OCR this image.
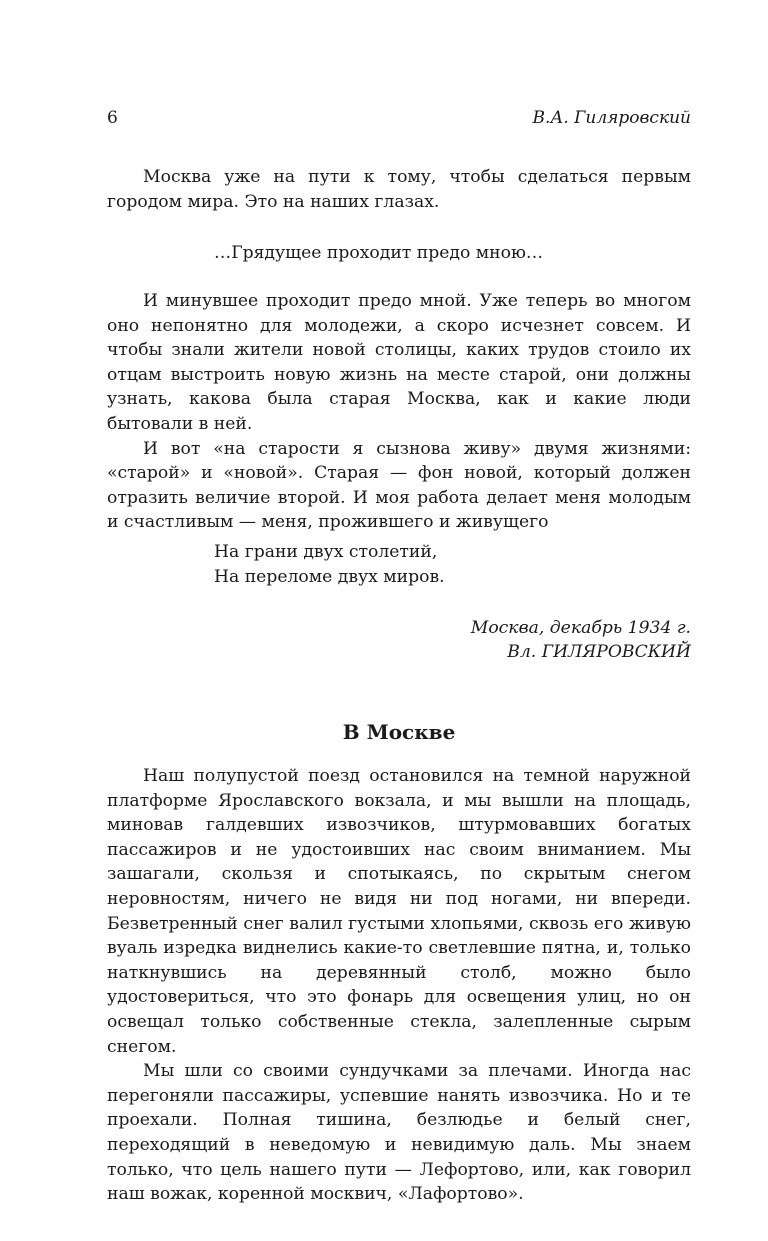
6	В.А. Гиляровский

Москва уже на пути к тому, чтобы сделаться первым городом мира. Это на наших глазах.

…Грядущее проходит предо мною…

И минувшее проходит предо мной. Уже теперь во многом оно непонятно для молодежи, а скоро исчезнет совсем. И чтобы знали жители новой столицы, каких трудов стоило их отцам выстроить новую жизнь на месте старой, они должны узнать, какова была старая Москва, как и какие люди бытовали в ней.

И вот «на старости я сызнова живу» двумя жизнями: «старой» и «новой». Старая — фон новой, который должен отразить величие второй. И моя работа делает меня молодым и счастливым — меня, прожившего и живущего

На грани двух столетий,
На переломе двух миров.
Москва, декабрь 1934 г.
Вл. ГИЛЯРОВСКИЙ
В Москве

Наш полупустой поезд остановился на темной наружной платформе Ярославского вокзала, и мы вышли на площадь, миновав галдевших извозчиков, штурмовавших богатых пассажиров и не удостоивших нас своим вниманием. Мы зашагали, скользя и спотыкаясь, по скрытым снегом неровностям, ничего не видя ни под ногами, ни впереди. Безветренный снег валил густыми хлопьями, сквозь его живую вуаль изредка виднелись какие-то светлевшие пятна, и, только наткнувшись на деревянный столб, можно было удостовериться, что это фонарь для освещения улиц, но он освещал только собственные стекла, залепленные сырым снегом.

Мы шли со своими сундучками за плечами. Иногда нас перегоняли пассажиры, успевшие нанять извозчика. Но и те проехали. Полная тишина, безлюдье и белый снег, переходящий в неведомую и невидимую даль. Мы знаем только, что цель нашего пути — Лефортово, или, как говорил наш вожак, коренной москвич, «Лафортово».
